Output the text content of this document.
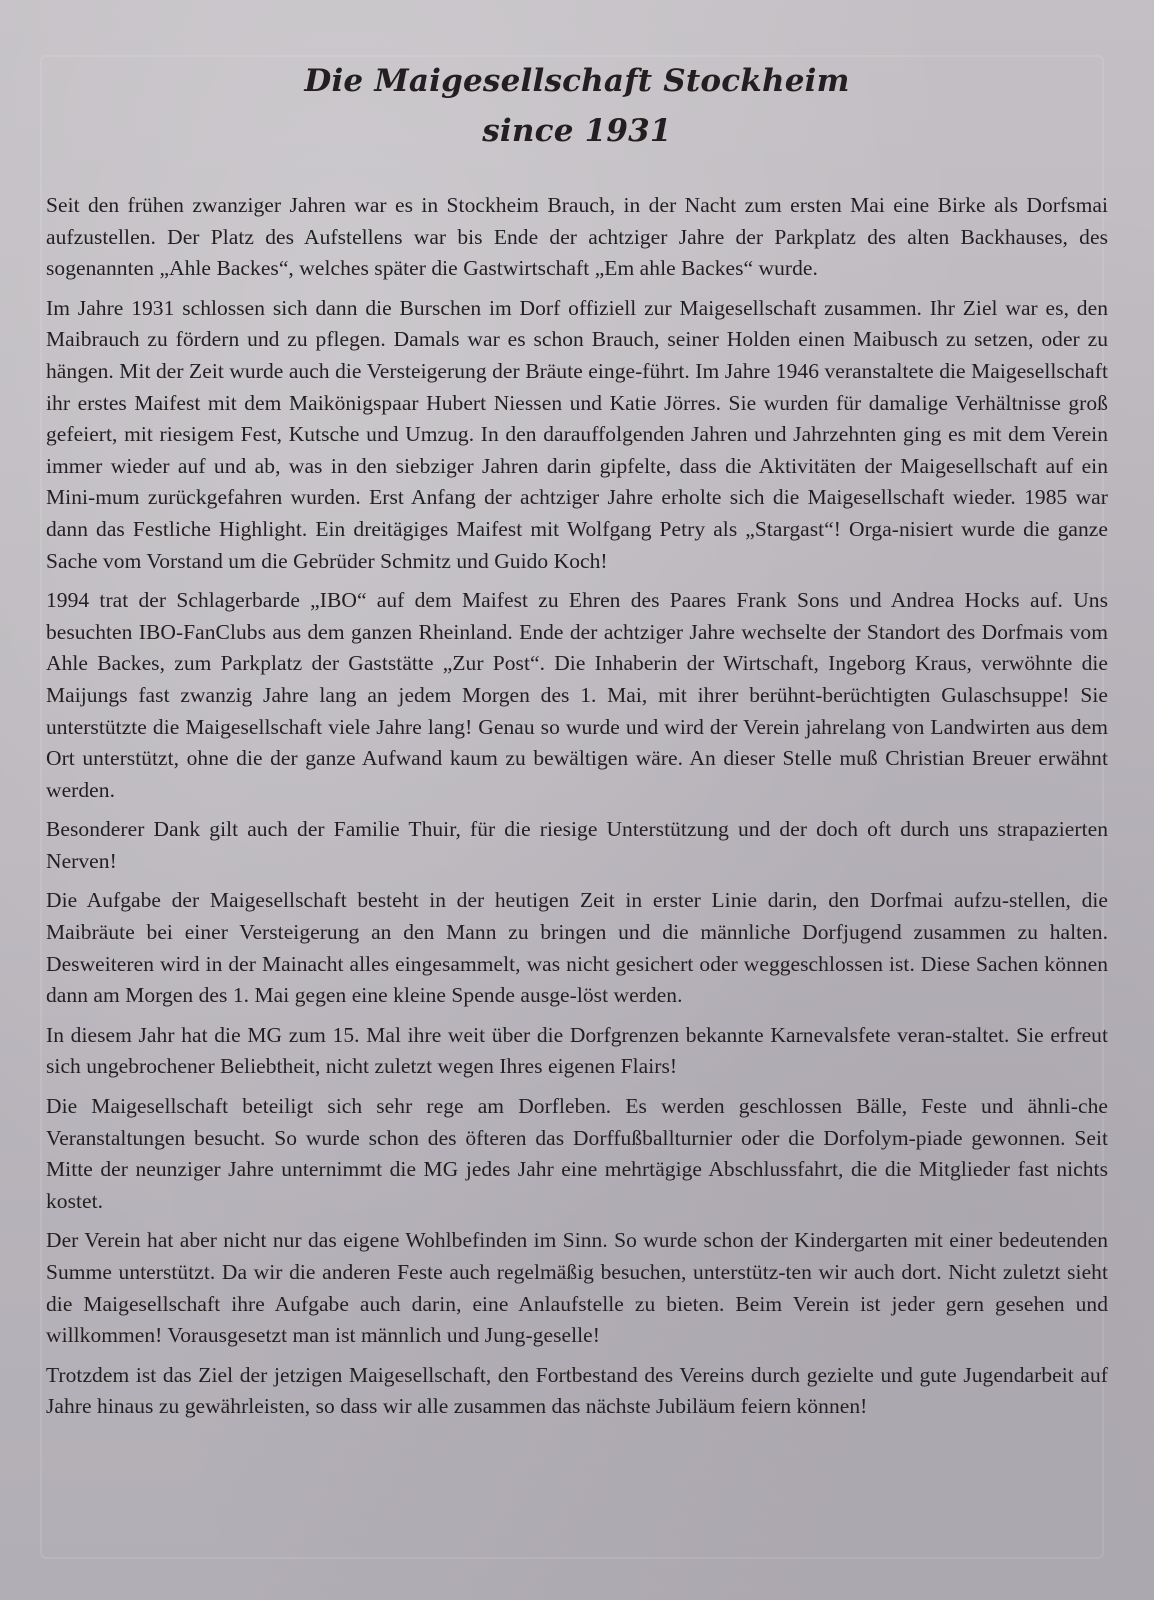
Die Maigesellschaft Stockheim
since 1931

Seit den frühen zwanziger Jahren war es in Stockheim Brauch, in der Nacht zum ersten Mai eine Birke als Dorfsmai aufzustellen. Der Platz des Aufstellens war bis Ende der achtziger Jahre der Parkplatz des alten Backhauses, des sogenannten „Ahle Backes“, welches später die Gastwirtschaft „Em ahle Backes“ wurde.

Im Jahre 1931 schlossen sich dann die Burschen im Dorf offiziell zur Maigesellschaft zusammen. Ihr Ziel war es, den Maibrauch zu fördern und zu pflegen. Damals war es schon Brauch, seiner Holden einen Maibusch zu setzen, oder zu hängen. Mit der Zeit wurde auch die Versteigerung der Bräute einge-führt. Im Jahre 1946 veranstaltete die Maigesellschaft ihr erstes Maifest mit dem Maikönigspaar Hubert Niessen und Katie Jörres. Sie wurden für damalige Verhältnisse groß gefeiert, mit riesigem Fest, Kutsche und Umzug. In den darauffolgenden Jahren und Jahrzehnten ging es mit dem Verein immer wieder auf und ab, was in den siebziger Jahren darin gipfelte, dass die Aktivitäten der Maigesellschaft auf ein Mini-mum zurückgefahren wurden. Erst Anfang der achtziger Jahre erholte sich die Maigesellschaft wieder. 1985 war dann das Festliche Highlight. Ein dreitägiges Maifest mit Wolfgang Petry als „Stargast“! Orga-nisiert wurde die ganze Sache vom Vorstand um die Gebrüder Schmitz und Guido Koch!

1994 trat der Schlagerbarde „IBO“ auf dem Maifest zu Ehren des Paares Frank Sons und Andrea Hocks auf. Uns besuchten IBO-FanClubs aus dem ganzen Rheinland. Ende der achtziger Jahre wechselte der Standort des Dorfmais vom Ahle Backes, zum Parkplatz der Gaststätte „Zur Post“. Die Inhaberin der Wirtschaft, Ingeborg Kraus, verwöhnte die Maijungs fast zwanzig Jahre lang an jedem Morgen des 1. Mai, mit ihrer berühnt-berüchtigten Gulaschsuppe! Sie unterstützte die Maigesellschaft viele Jahre lang! Genau so wurde und wird der Verein jahrelang von Landwirten aus dem Ort unterstützt, ohne die der ganze Aufwand kaum zu bewältigen wäre. An dieser Stelle muß Christian Breuer erwähnt werden.

Besonderer Dank gilt auch der Familie Thuir, für die riesige Unterstützung und der doch oft durch uns strapazierten Nerven!

Die Aufgabe der Maigesellschaft besteht in der heutigen Zeit in erster Linie darin, den Dorfmai aufzu-stellen, die Maibräute bei einer Versteigerung an den Mann zu bringen und die männliche Dorfjugend zusammen zu halten. Desweiteren wird in der Mainacht alles eingesammelt, was nicht gesichert oder weggeschlossen ist. Diese Sachen können dann am Morgen des 1. Mai gegen eine kleine Spende ausge-löst werden.

In diesem Jahr hat die MG zum 15. Mal ihre weit über die Dorfgrenzen bekannte Karnevalsfete veran-staltet. Sie erfreut sich ungebrochener Beliebtheit, nicht zuletzt wegen Ihres eigenen Flairs!

Die Maigesellschaft beteiligt sich sehr rege am Dorfleben. Es werden geschlossen Bälle, Feste und ähnli-che Veranstaltungen besucht. So wurde schon des öfteren das Dorffußballturnier oder die Dorfolym-piade gewonnen. Seit Mitte der neunziger Jahre unternimmt die MG jedes Jahr eine mehrtägige Abschlussfahrt, die die Mitglieder fast nichts kostet.

Der Verein hat aber nicht nur das eigene Wohlbefinden im Sinn. So wurde schon der Kindergarten mit einer bedeutenden Summe unterstützt. Da wir die anderen Feste auch regelmäßig besuchen, unterstütz-ten wir auch dort. Nicht zuletzt sieht die Maigesellschaft ihre Aufgabe auch darin, eine Anlaufstelle zu bieten. Beim Verein ist jeder gern gesehen und willkommen! Vorausgesetzt man ist männlich und Jung-geselle!

Trotzdem ist das Ziel der jetzigen Maigesellschaft, den Fortbestand des Vereins durch gezielte und gute Jugendarbeit auf Jahre hinaus zu gewährleisten, so dass wir alle zusammen das nächste Jubiläum feiern können!
